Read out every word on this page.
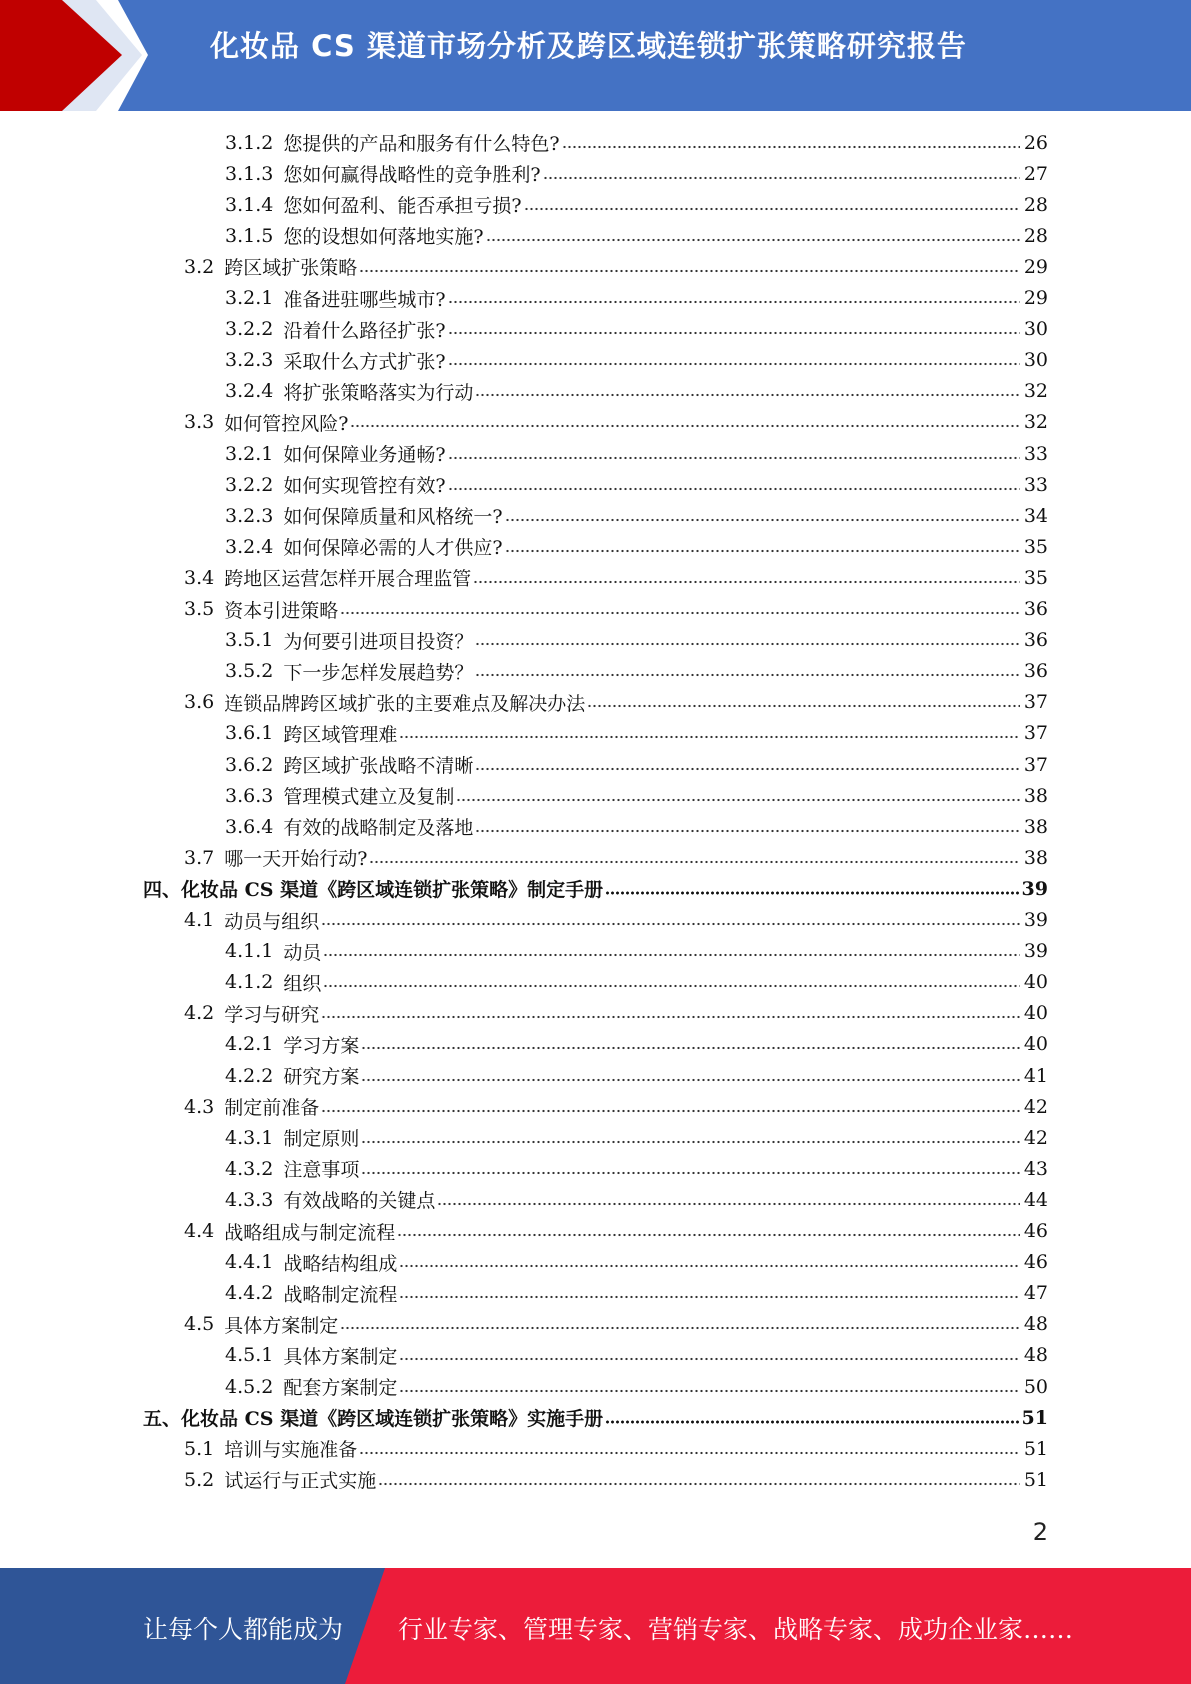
化妆品 CS 渠道市场分析及跨区域连锁扩张策略研究报告
3.1.2 您提供的产品和服务有什么特色?	26
3.1.3 您如何赢得战略性的竞争胜利?	27
3.1.4 您如何盈利、能否承担亏损?	28
3.1.5 您的设想如何落地实施?	28
3.2 跨区域扩张策略	29
3.2.1 准备进驻哪些城市?	29
3.2.2 沿着什么路径扩张?	30
3.2.3 采取什么方式扩张?	30
3.2.4 将扩张策略落实为行动	32
3.3 如何管控风险?	32
3.2.1 如何保障业务通畅?	33
3.2.2 如何实现管控有效?	33
3.2.3 如何保障质量和风格统一?	34
3.2.4 如何保障必需的人才供应?	35
3.4 跨地区运营怎样开展合理监管	35
3.5 资本引进策略	36
3.5.1 为何要引进项目投资？	36
3.5.2 下一步怎样发展趋势？	36
3.6 连锁品牌跨区域扩张的主要难点及解决办法	37
3.6.1 跨区域管理难	37
3.6.2 跨区域扩张战略不清晰	37
3.6.3 管理模式建立及复制	38
3.6.4 有效的战略制定及落地	38
3.7 哪一天开始行动?	38
四、化妆品 CS 渠道《跨区域连锁扩张策略》制定手册	39
4.1 动员与组织	39
4.1.1 动员	39
4.1.2 组织	40
4.2 学习与研究	40
4.2.1 学习方案	40
4.2.2 研究方案	41
4.3 制定前准备	42
4.3.1 制定原则	42
4.3.2 注意事项	43
4.3.3 有效战略的关键点	44
4.4 战略组成与制定流程	46
4.4.1 战略结构组成	46
4.4.2 战略制定流程	47
4.5 具体方案制定	48
4.5.1 具体方案制定	48
4.5.2 配套方案制定	50
五、化妆品 CS 渠道《跨区域连锁扩张策略》实施手册	51
5.1 培训与实施准备	51
5.2 试运行与正式实施	51
2
让每个人都能成为 行业专家、管理专家、营销专家、战略专家、成功企业家……
